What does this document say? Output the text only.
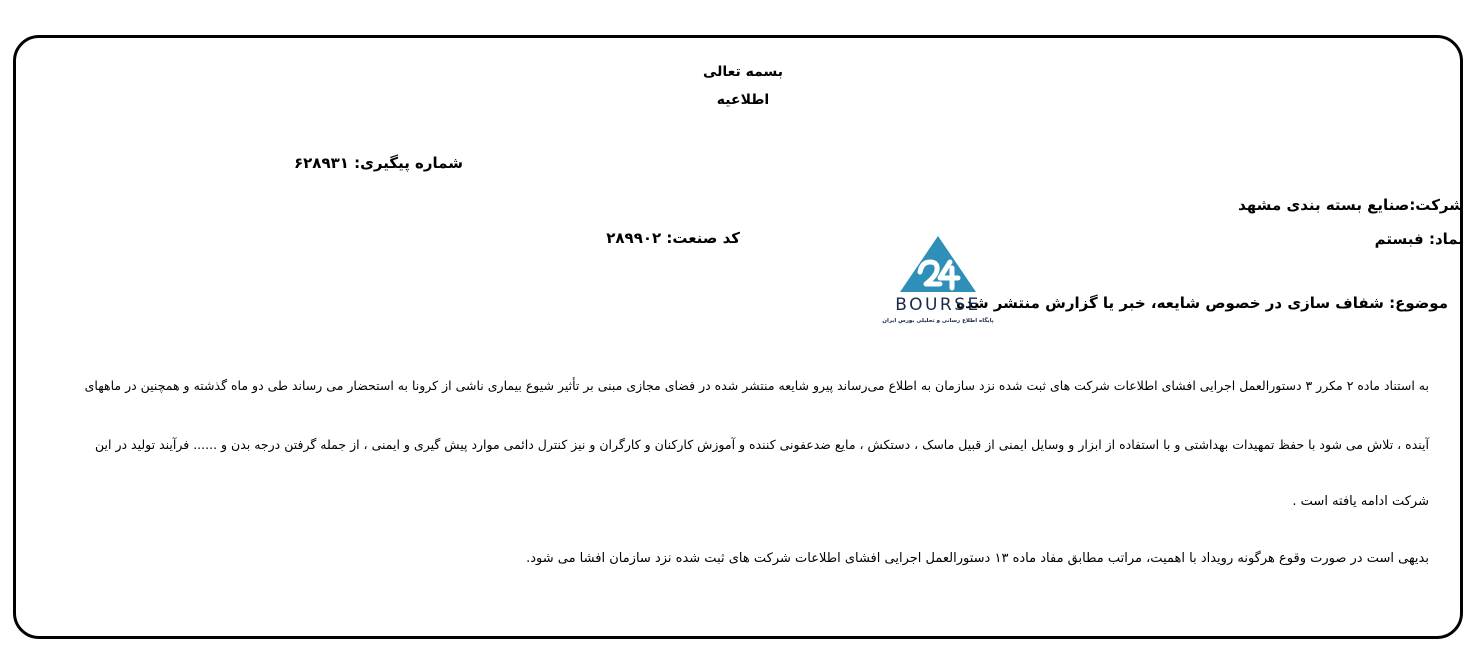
بسمه تعالی

اطلاعیه

شماره پیگیری: ۶۲۸۹۳۱

شرکت:صنایع بسته بندی مشهد

نماد: فبستم

کد صنعت: ۲۸۹۹۰۲

موضوع: شفاف سازی در خصوص شایعه، خبر یا گزارش منتشر شده

BOURSE
پایگاه اطلاع رسانی و تحلیلی بورس ایران

به استناد ماده ۲ مکرر ۳ دستورالعمل اجرایی افشای اطلاعات شرکت های ثبت شده نزد سازمان به اطلاع می‌رساند پیرو شایعه منتشر شده در فضای مجازی مبنی بر تأثیر شیوع بیماری ناشی از کرونا به استحضار می رساند طی دو ماه گذشته و همچنین در ماههای

آینده ، تلاش می شود با حفظ تمهیدات بهداشتی و با استفاده از ابزار و وسایل ایمنی از قبیل ماسک ، دستکش ، مایع ضدعفونی کننده و آموزش کارکنان و کارگران و نیز کنترل دائمی موارد پیش گیری و ایمنی ، از جمله گرفتن درجه بدن و ...... فرآیند تولید در این

شرکت ادامه یافته است .

بدیهی است در صورت وقوع هرگونه رویداد با اهمیت، مراتب مطابق مفاد ماده ۱۳ دستورالعمل اجرایی افشای اطلاعات شرکت های ثبت شده نزد سازمان افشا می شود.
